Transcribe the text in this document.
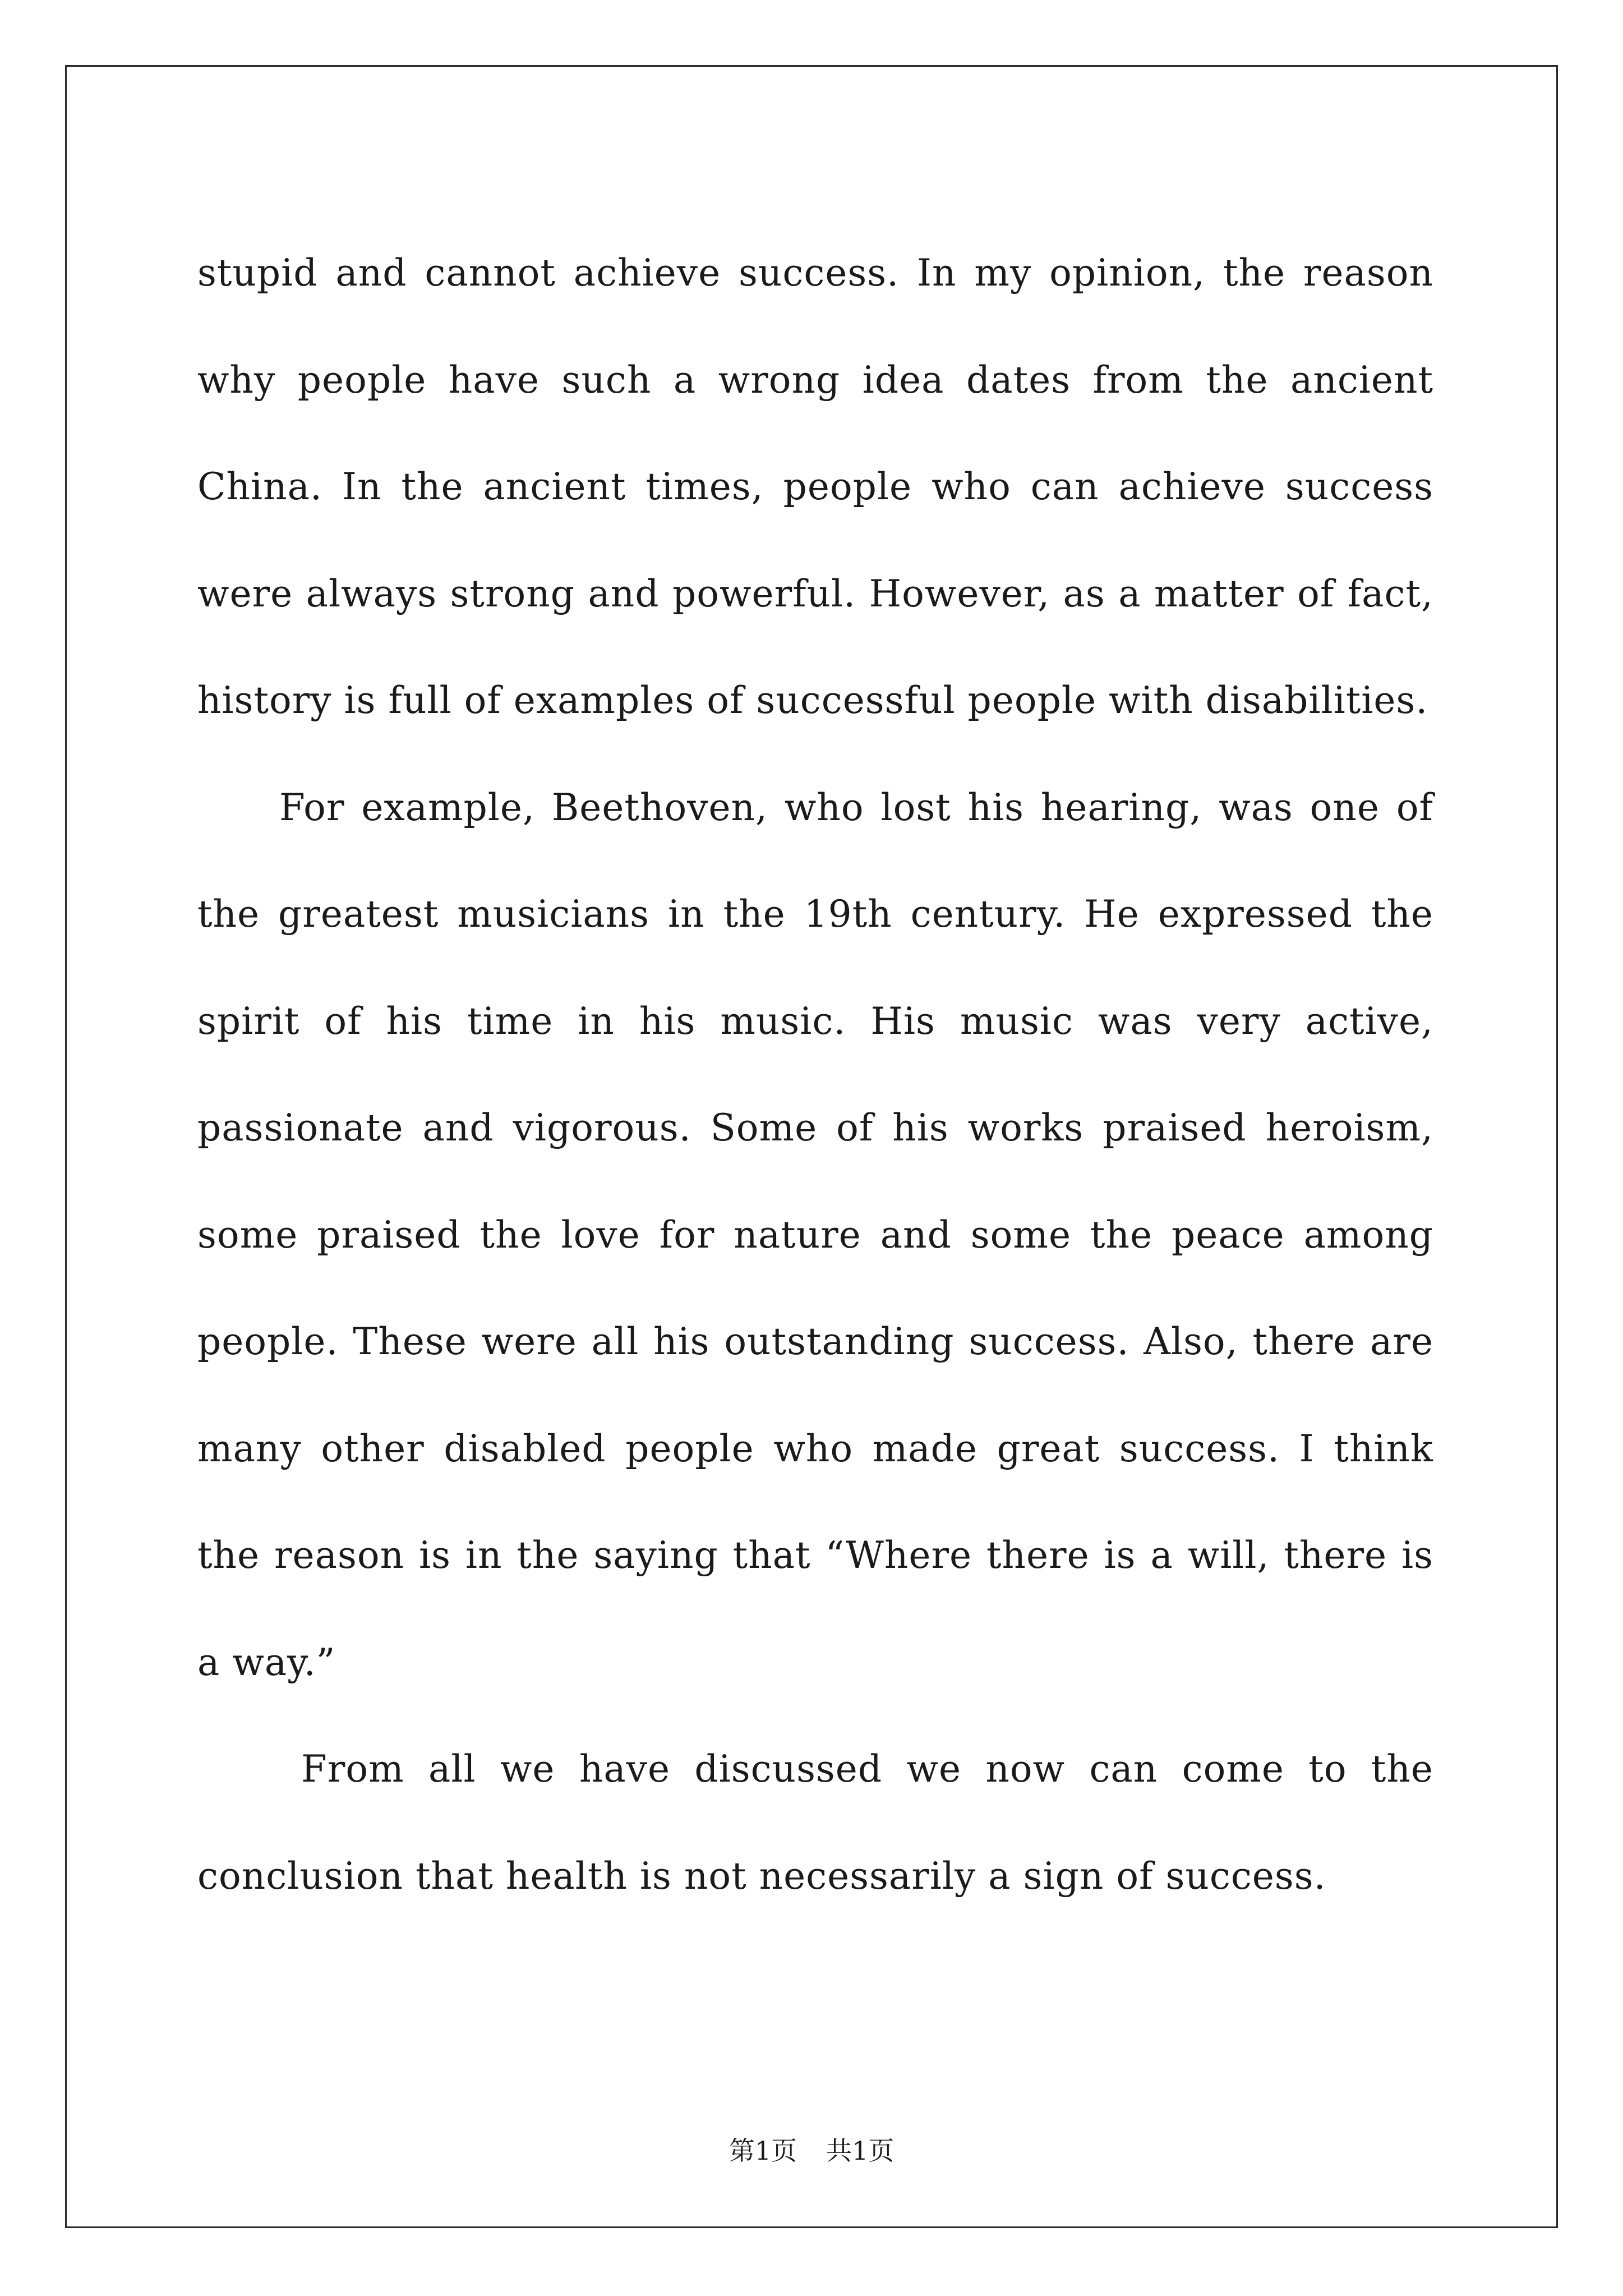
stupid and cannot achieve success. In my opinion, the reason why people have such a wrong idea dates from the ancient China. In the ancient times, people who can achieve success were always strong and powerful. However, as a matter of fact, history is full of examples of successful people with disabilities.

For example, Beethoven, who lost his hearing, was one of the greatest musicians in the 19th century. He expressed the spirit of his time in his music. His music was very active, passionate and vigorous. Some of his works praised heroism, some praised the love for nature and some the peace among people. These were all his outstanding success. Also, there are many other disabled people who made great success. I think the reason is in the saying that “Where there is a will, there is a way.”

From all we have discussed we now can come to the conclusion that health is not necessarily a sign of success.

第1页 共1页
